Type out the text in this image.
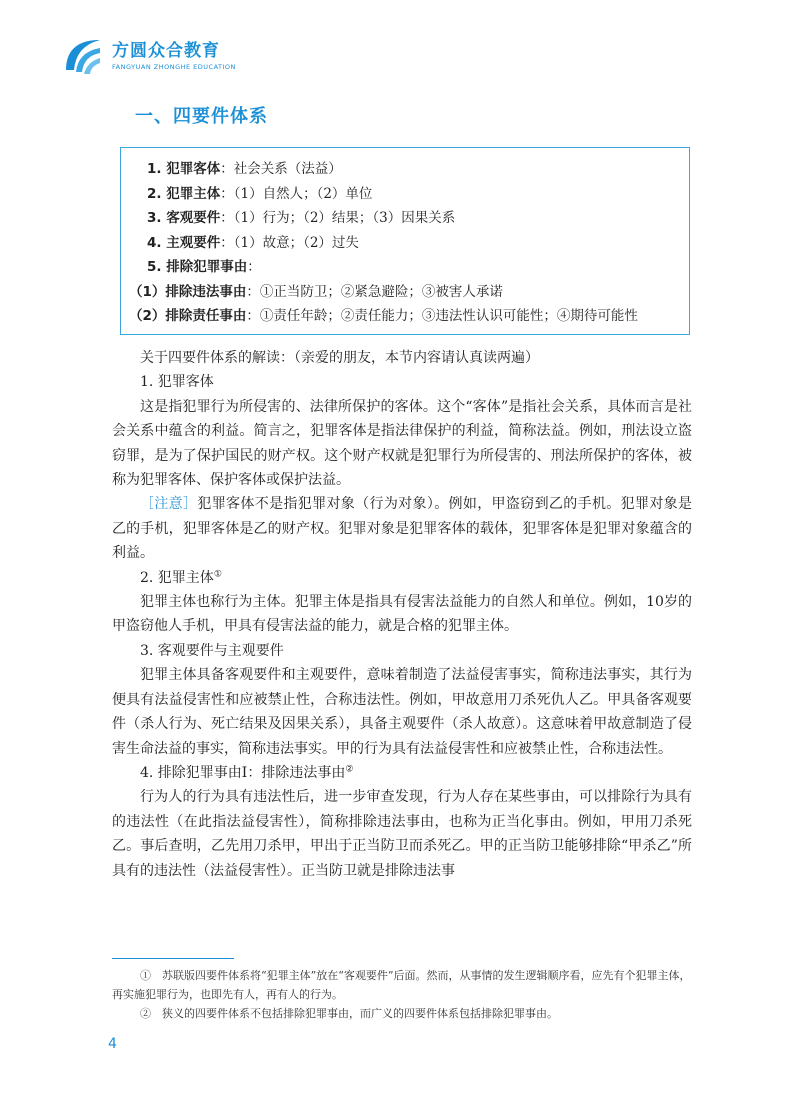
方圆众合教育
FANGYUAN ZHONGHE EDUCATION
一、四要件体系
1. 犯罪客体：社会关系（法益）
2. 犯罪主体：（1）自然人；（2）单位
3. 客观要件：（1）行为；（2）结果；（3）因果关系
4. 主观要件：（1）故意；（2）过失
5. 排除犯罪事由：
（1）排除违法事由：①正当防卫；②紧急避险；③被害人承诺
（2）排除责任事由：①责任年龄；②责任能力；③违法性认识可能性；④期待可能性

关于四要件体系的解读：（亲爱的朋友，本节内容请认真读两遍）

1. 犯罪客体

这是指犯罪行为所侵害的、法律所保护的客体。这个“客体”是指社会关系，具体而言是社会关系中蕴含的利益。简言之，犯罪客体是指法律保护的利益，简称法益。例如，刑法设立盗窃罪，是为了保护国民的财产权。这个财产权就是犯罪行为所侵害的、刑法所保护的客体，被称为犯罪客体、保护客体或保护法益。

［注意］犯罪客体不是指犯罪对象（行为对象）。例如，甲盗窃到乙的手机。犯罪对象是乙的手机，犯罪客体是乙的财产权。犯罪对象是犯罪客体的载体，犯罪客体是犯罪对象蕴含的利益。

2. 犯罪主体①

犯罪主体也称行为主体。犯罪主体是指具有侵害法益能力的自然人和单位。例如，10岁的甲盗窃他人手机，甲具有侵害法益的能力，就是合格的犯罪主体。

3. 客观要件与主观要件

犯罪主体具备客观要件和主观要件，意味着制造了法益侵害事实，简称违法事实，其行为便具有法益侵害性和应被禁止性，合称违法性。例如，甲故意用刀杀死仇人乙。甲具备客观要件（杀人行为、死亡结果及因果关系），具备主观要件（杀人故意）。这意味着甲故意制造了侵害生命法益的事实，简称违法事实。甲的行为具有法益侵害性和应被禁止性，合称违法性。

4. 排除犯罪事由Ⅰ：排除违法事由②

行为人的行为具有违法性后，进一步审查发现，行为人存在某些事由，可以排除行为具有的违法性（在此指法益侵害性），简称排除违法事由，也称为正当化事由。例如，甲用刀杀死乙。事后查明，乙先用刀杀甲，甲出于正当防卫而杀死乙。甲的正当防卫能够排除“甲杀乙”所具有的违法性（法益侵害性）。正当防卫就是排除违法事

①　苏联版四要件体系将“犯罪主体”放在“客观要件”后面。然而，从事情的发生逻辑顺序看，应先有个犯罪主体，再实施犯罪行为，也即先有人，再有人的行为。

②　狭义的四要件体系不包括排除犯罪事由，而广义的四要件体系包括排除犯罪事由。

4
